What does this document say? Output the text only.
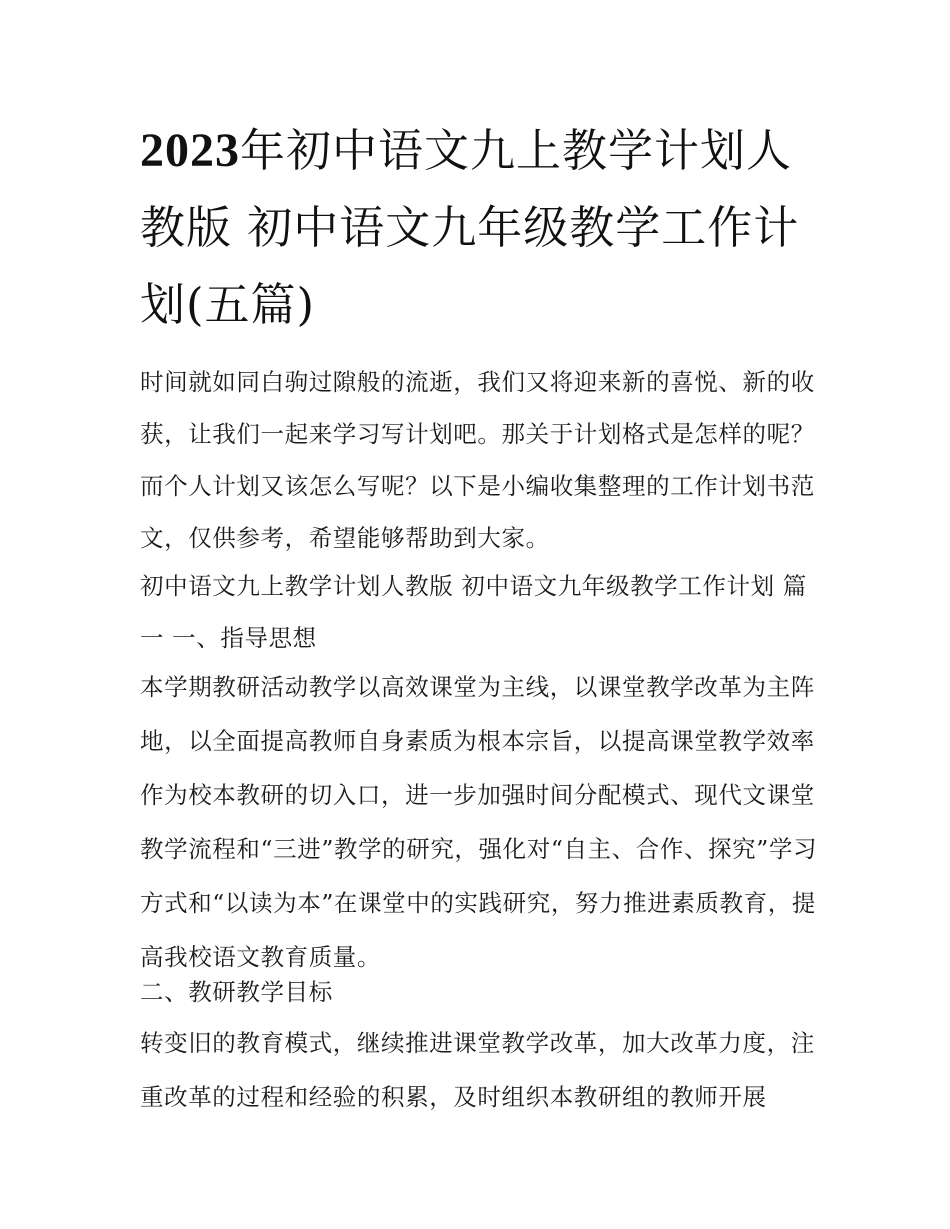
2023年初中语文九上教学计划人教版 初中语文九年级教学工作计划(五篇)

时间就如同白驹过隙般的流逝，我们又将迎来新的喜悦、新的收获，让我们一起来学习写计划吧。那关于计划格式是怎样的呢？而个人计划又该怎么写呢？以下是小编收集整理的工作计划书范文，仅供参考，希望能够帮助到大家。

初中语文九上教学计划人教版 初中语文九年级教学工作计划 篇一 一、指导思想

本学期教研活动教学以高效课堂为主线，以课堂教学改革为主阵地，以全面提高教师自身素质为根本宗旨，以提高课堂教学效率作为校本教研的切入口，进一步加强时间分配模式、现代文课堂教学流程和“三进”教学的研究，强化对“自主、合作、探究”学习方式和“以读为本”在课堂中的实践研究，努力推进素质教育，提高我校语文教育质量。

二、教研教学目标

转变旧的教育模式，继续推进课堂教学改革，加大改革力度，注重改革的过程和经验的积累，及时组织本教研组的教师开展
